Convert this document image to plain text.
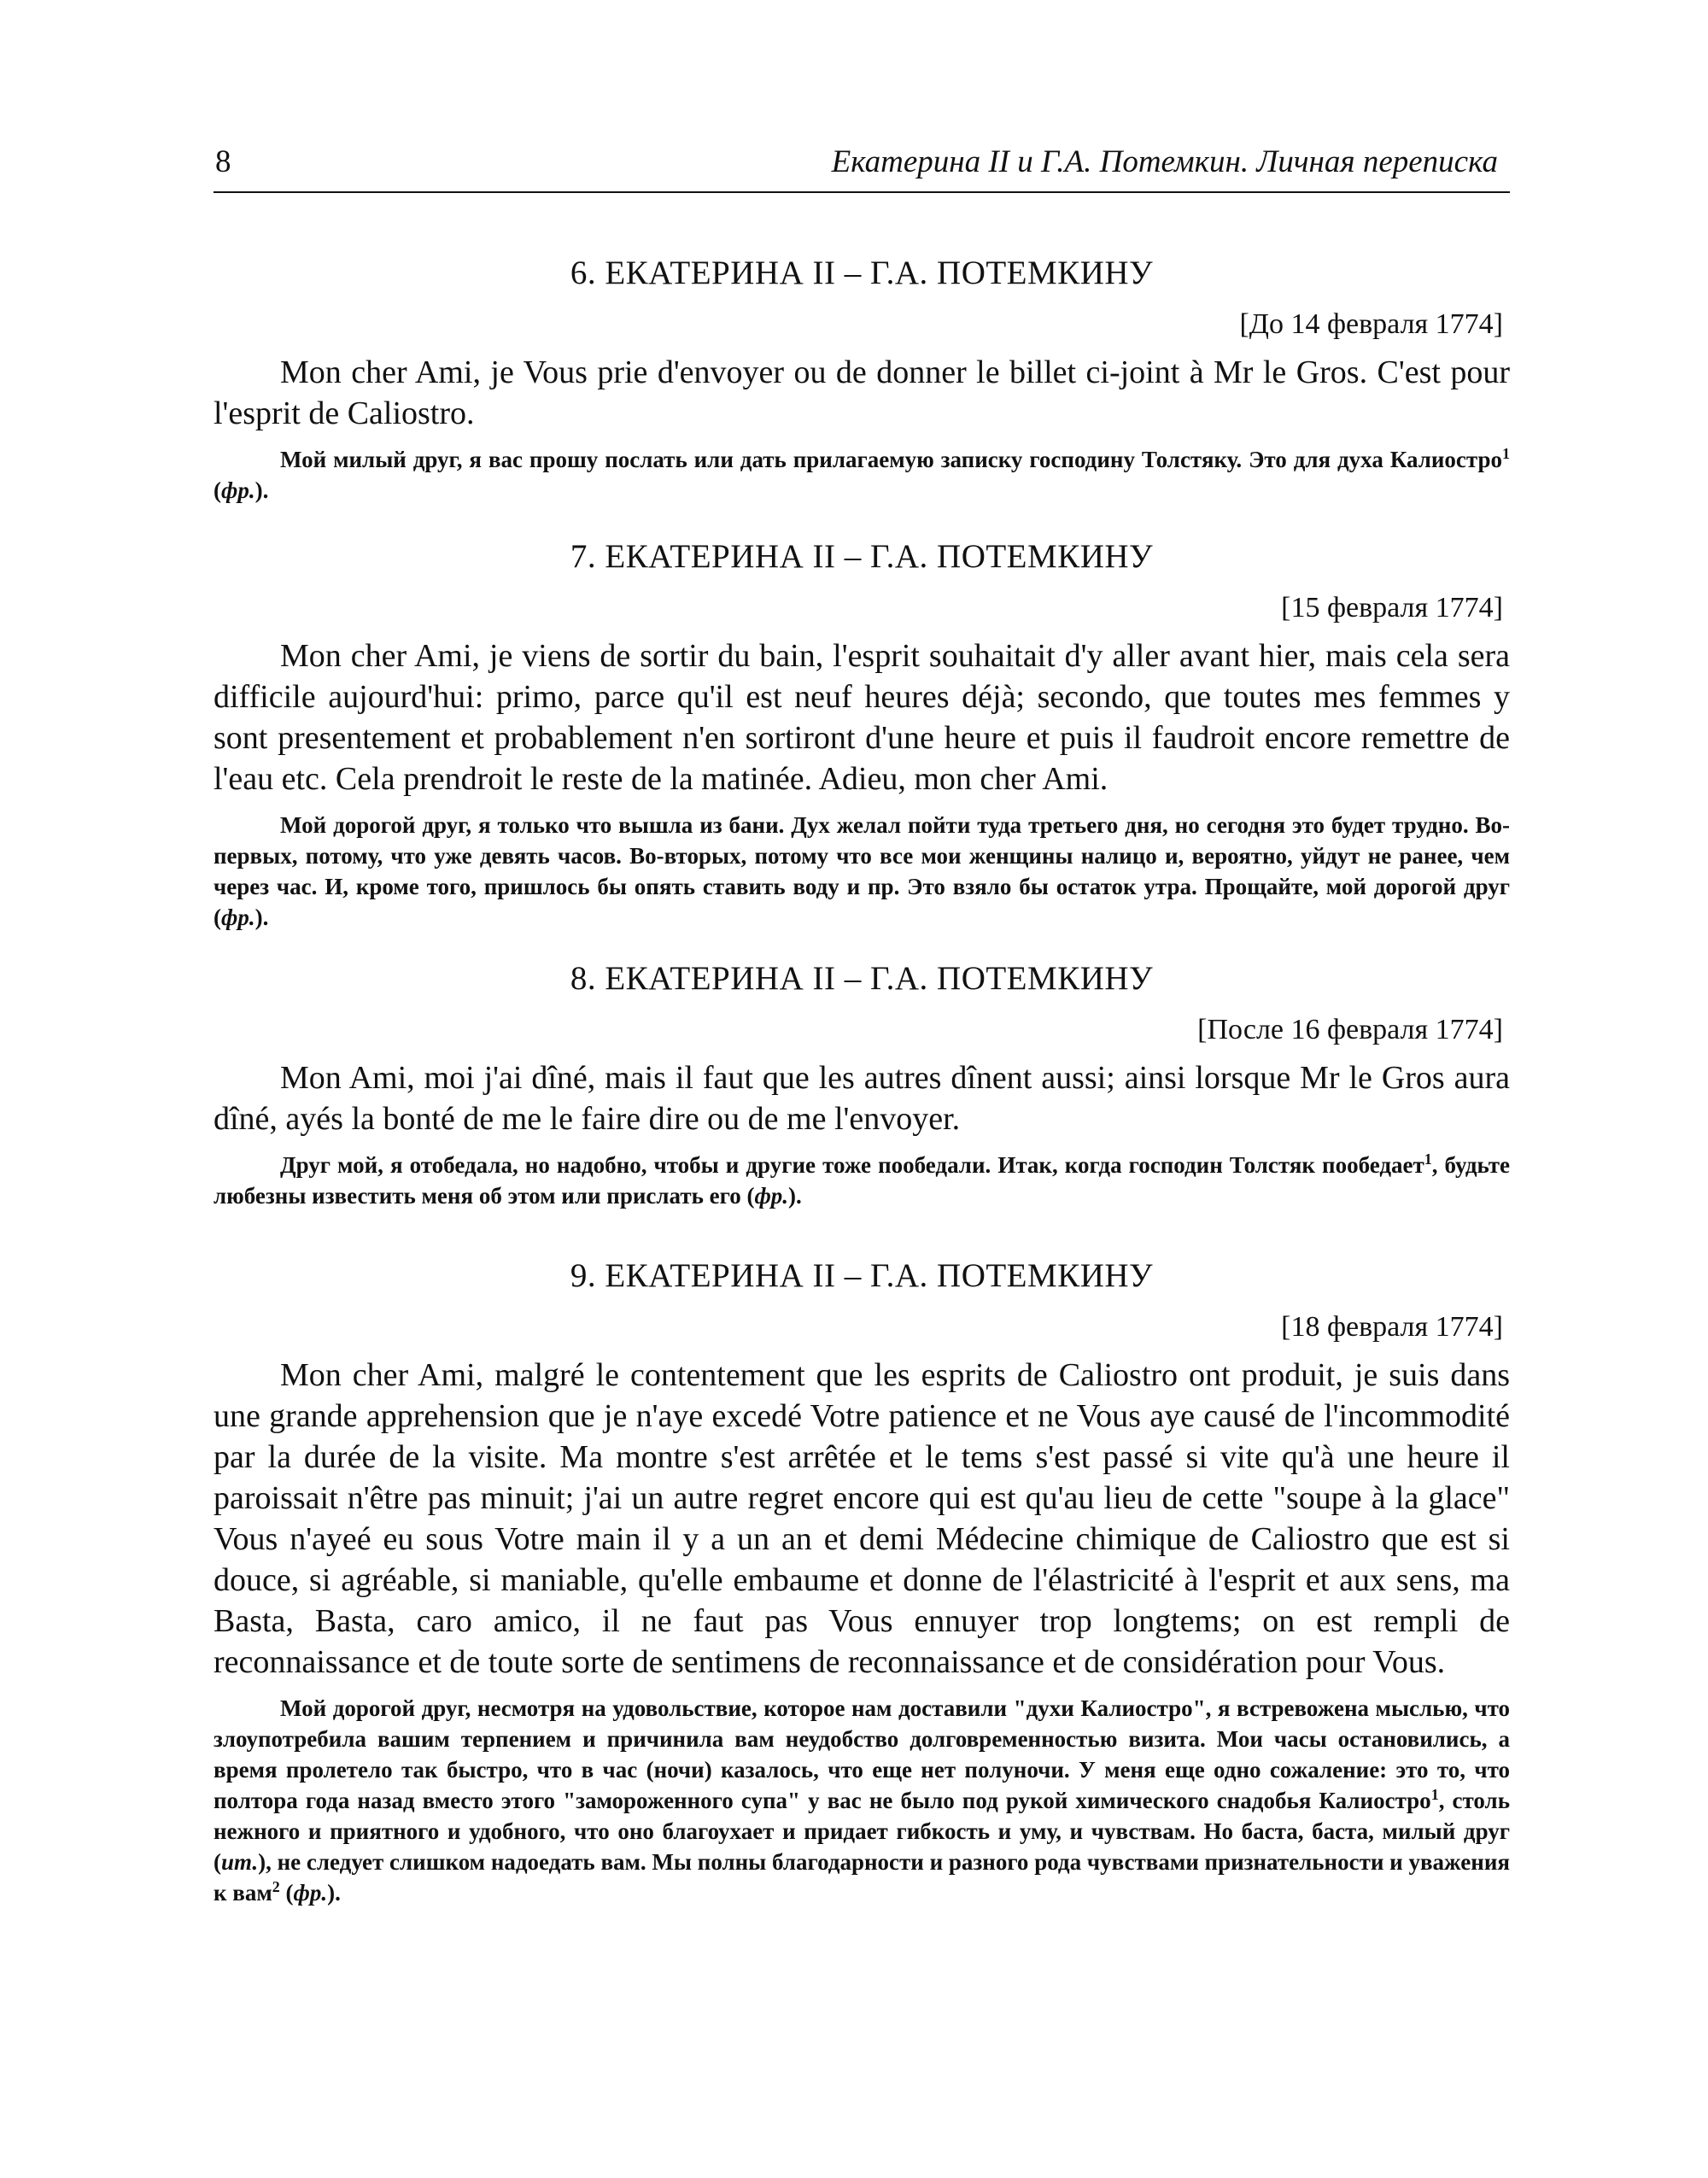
8	Екатерина II и Г.А. Потемкин. Личная переписка
6. ЕКАТЕРИНА II – Г.А. ПОТЕМКИНУ
[До 14 февраля 1774]

Mon cher Ami, je Vous prie d'envoyer ou de donner le billet ci-joint à Mr le Gros. C'est pour l'esprit de Caliostro.

Мой милый друг, я вас прошу послать или дать прилагаемую записку господину Толстяку. Это для духа Калиостро$^1$ (фр.).

7. ЕКАТЕРИНА II – Г.А. ПОТЕМКИНУ
[15 февраля 1774]

Mon cher Ami, je viens de sortir du bain, l'esprit souhaitait d'y aller avant hier, mais cela sera difficile aujourd'hui: primo, parce qu'il est neuf heures déjà; secondo, que toutes mes femmes y sont presentement et probablement n'en sortiront d'une heure et puis il faudroit encore remettre de l'eau etc. Cela prendroit le reste de la matinée. Adieu, mon cher Ami.

Мой дорогой друг, я только что вышла из бани. Дух желал пойти туда третьего дня, но сегодня это будет трудно. Во-первых, потому, что уже девять часов. Во-вторых, потому что все мои женщины налицо и, вероятно, уйдут не ранее, чем через час. И, кроме того, пришлось бы опять ставить воду и пр. Это взяло бы остаток утра. Прощайте, мой дорогой друг (фр.).

8. ЕКАТЕРИНА II – Г.А. ПОТЕМКИНУ
[После 16 февраля 1774]

Mon Ami, moi j'ai dîné, mais il faut que les autres dînent aussi; ainsi lorsque Mr le Gros aura dîné, ayés la bonté de me le faire dire ou de me l'envoyer.

Друг мой, я отобедала, но надобно, чтобы и другие тоже пообедали. Итак, когда господин Толстяк пообедает$^1$, будьте любезны известить меня об этом или прислать его (фр.).

9. ЕКАТЕРИНА II – Г.А. ПОТЕМКИНУ
[18 февраля 1774]

Mon cher Ami, malgré le contentement que les esprits de Caliostro ont produit, je suis dans une grande apprehension que je n'aye excedé Votre patience et ne Vous aye causé de l'incommodité par la durée de la visite. Ma montre s'est arrêtée et le tems s'est passé si vite qu'à une heure il paroissait n'être pas minuit; j'ai un autre regret encore qui est qu'au lieu de cette "soupe à la glace" Vous n'ayeé eu sous Votre main il y a un an et demi Médecine chimique de Caliostro que est si douce, si agréable, si maniable, qu'elle embaume et donne de l'élastricité à l'esprit et aux sens, ma Basta, Basta, caro amico, il ne faut pas Vous ennuyer trop longtems; on est rempli de reconnaissance et de toute sorte de sentimens de reconnaissance et de considération pour Vous.

Мой дорогой друг, несмотря на удовольствие, которое нам доставили "духи Калиостро", я встревожена мыслью, что злоупотребила вашим терпением и причинила вам неудобство долговременностью визита. Мои часы остановились, а время пролетело так быстро, что в час (ночи) казалось, что еще нет полуночи. У меня еще одно сожаление: это то, что полтора года назад вместо этого "замороженного супа" у вас не было под рукой химического снадобья Калиостро$^1$, столь нежного и приятного и удобного, что оно благоухает и придает гибкость и уму, и чувствам. Но баста, баста, милый друг (ит.), не следует слишком надоедать вам. Мы полны благодарности и разного рода чувствами признательности и уважения к вам$^2$ (фр.).
